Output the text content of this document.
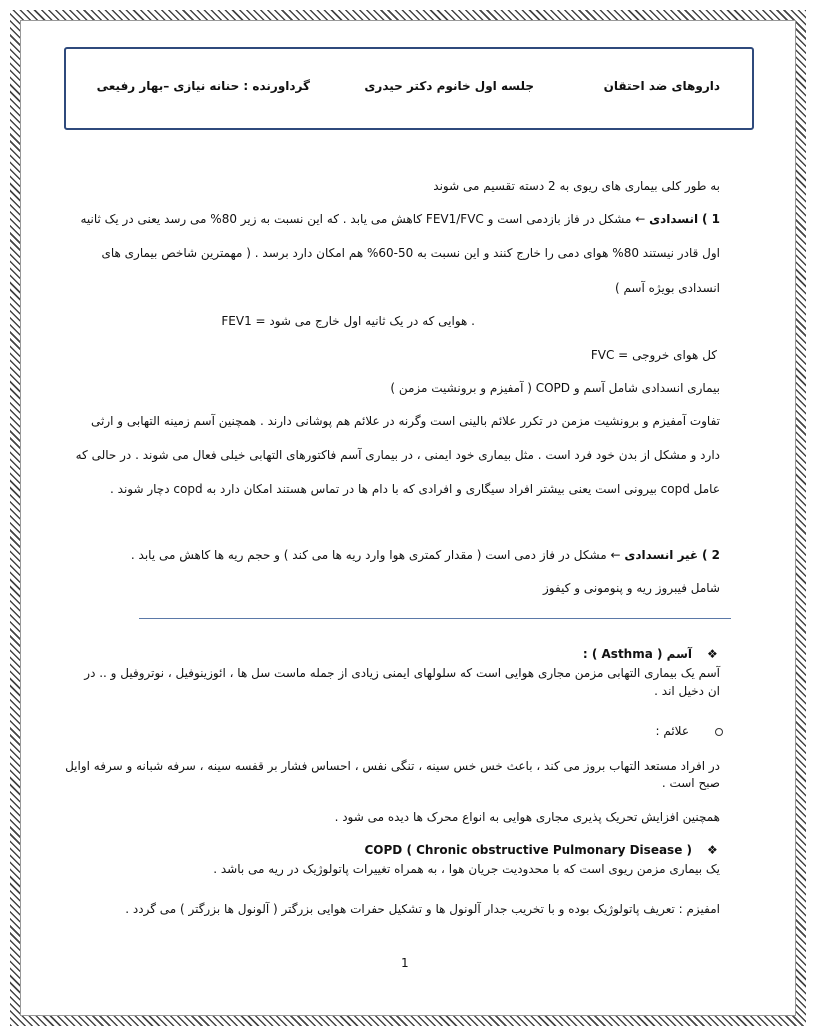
داروهای ضد احتقان
جلسه اول خانوم دکتر حیدری
گرداورنده : حنانه نیازی –بهار رفیعی
به طور کلی بیماری های ریوی به 2 دسته تقسیم می شوند
1 ) انسدادی ← مشکل در فاز بازدمی است و FEV1/FVC کاهش می یابد . که این نسبت به زیر 80% می رسد یعنی در یک ثانیه
اول قادر نیستند 80% هوای دمی را خارج کنند و این نسبت به 50-60% هم امکان دارد برسد . ( مهمترین شاخص بیماری های
انسدادی بویژه آسم )
FEV1 = هوایی که در یک ثانیه اول خارج می شود .
FVC = کل هوای خروجی
بیماری انسدادی شامل آسم و COPD ( آمفیزم و برونشیت مزمن )
تفاوت آمفیزم و برونشیت مزمن در تکرر علائم بالینی است وگرنه در علائم هم پوشانی دارند . همچنین آسم زمینه التهابی و ارثی
دارد و مشکل از بدن خود فرد است . مثل بیماری خود ایمنی ، در بیماری آسم فاکتورهای التهابی خیلی فعال می شوند . در حالی که
عامل copd بیرونی است یعنی بیشتر افراد سیگاری و افرادی که با دام ها در تماس هستند امکان دارد به copd دچار شوند .
2 ) غیر انسدادی ← مشکل در فاز دمی است ( مقدار کمتری هوا وارد ریه ها می کند ) و حجم ریه ها کاهش می یابد .
شامل فیبروز ریه و پنومونی و کیفوز
❖
آسم ( Asthma ) :
آسم یک بیماری التهابی مزمن مجاری هوایی است که سلولهای ایمنی زیادی از جمله ماست سل ها ، ائوزینوفیل ، نوتروفیل و .. در
ان دخیل اند .
علائم :
در افراد مستعد التهاب بروز می کند ، باعث خس خس سینه ، تنگی نفس ، احساس فشار بر قفسه سینه ، سرفه شبانه و سرفه اوایل
صبح است .
همچنین افزایش تحریک پذیری مجاری هوایی به انواع محرک ها دیده می شود .
❖
COPD ( Chronic obstructive Pulmonary Disease )
یک بیماری مزمن ریوی است که با محدودیت جریان هوا ، به همراه تغییرات پاتولوژیک در ریه می باشد .
امفیزم : تعریف پاتولوژیک بوده و با تخریب جدار آلونول ها و تشکیل حفرات هوایی بزرگتر ( آلونول ها بزرگتر ) می گردد .
1
